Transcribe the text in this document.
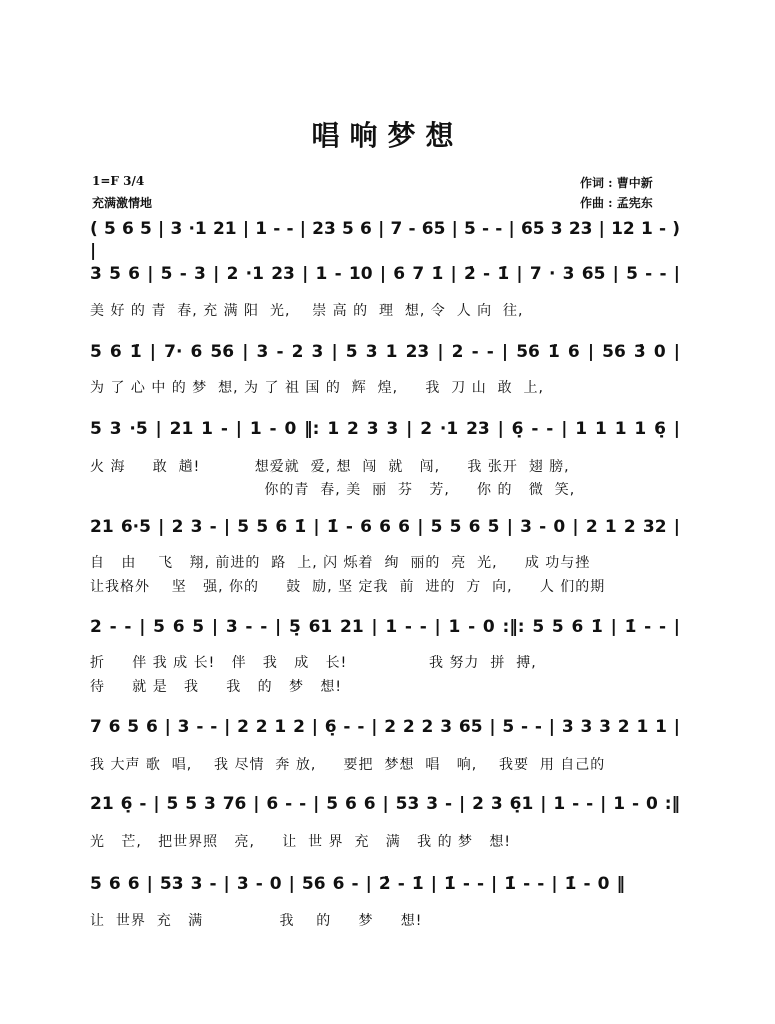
唱响梦想
1=F 3/4
充满激情地
作词 : 曹中新
作曲 : 孟宪东
( 5 6 5 | 3 ·1 21 | 1 - - | 23 5 6 | 7 - 65 | 5 - - | 65 3 23 | 12 1 - ) |
3 5 6 | 5 - 3 | 2 ·1 23 | 1 - 10 | 6 7 1̇ | 2̇ - 1̇ | 7 · 3 65 | 5 - - |
美 好 的 青  春, 充 满 阳  光,    崇 高 的  理  想, 令  人 向  往,
5 6 1̇ | 7· 6 56 | 3 - 2 3 | 5 3 1 23 | 2 - - | 56 1̇ 6 | 56 3̇ 0 |
为 了 心 中 的 梦  想, 为 了 祖 国 的  辉  煌,     我  刀 山  敢  上,
5 3 ·5 | 21 1 - | 1 - 0 ‖: 1 2 3 3 | 2 ·1 23 | 6̣ - - | 1 1 1 1 6̣ |
火 海     敢  趟!          想爱就  爱, 想  闯  就   闯,     我 张开  翅 膀,
你的青  春, 美  丽  芬   芳,     你 的   微  笑,
21 6·5 | 2 3 - | 5 5 6 1̇ | 1̇ - 6 6 6 | 5 5 6 5̇ | 3 - 0 | 2 1 2 32 |
自   由    飞   翔, 前进的  路  上, 闪 烁着  绚  丽的  亮  光,     成 功与挫
让我格外    坚   强, 你的     鼓  励, 坚 定我  前  进的  方  向,     人 们的期
2 - - | 5 6 5 | 3 - - | 5̣ 61 21 | 1 - - | 1 - 0 :‖: 5 5 6 1̇ | 1̇ - - |
折     伴 我 成 长!   伴   我   成   长!               我 努力  拼  搏,
待     就 是   我     我   的   梦   想!
7 6 5 6 | 3 - - | 2 2 1 2 | 6̣ - - | 2 2 2 3 65 | 5 - - | 3 3 3 2 1 1 |
我 大声 歌  唱,    我 尽情  奔 放,     要把  梦想  唱   响,    我要  用 自己的
21 6̣ - | 5 5 3 76 | 6 - - | 5 6 6 | 53 3 - | 2 3 6̣1 | 1 - - | 1 - 0 :‖
光   芒,   把世界照   亮,     让  世 界  充   满   我 的 梦   想!
5 6 6 | 53 3 - | 3 - 0 | 56 6 - | 2̇ - 1̇ | 1̇ - - | 1̇ - - | 1̇ - 0 ‖
让  世界  充   满              我    的     梦     想!
